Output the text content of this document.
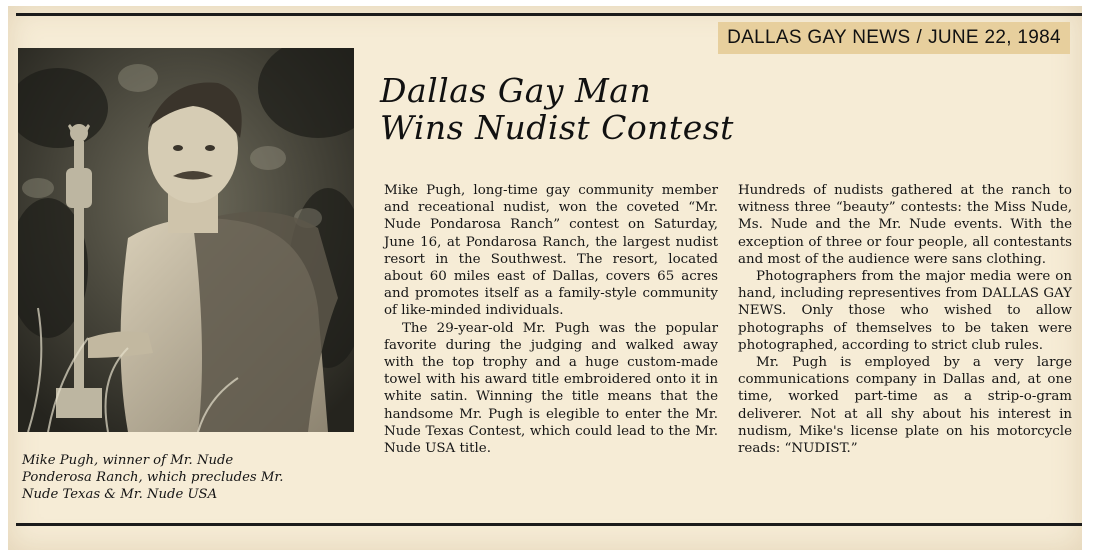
DALLAS GAY NEWS / JUNE 22, 1984
Mike Pugh, winner of Mr. Nude
Ponderosa Ranch, which precludes Mr.
Nude Texas & Mr. Nude USA
Dallas Gay Man
Wins Nudist Contest

Mike Pugh, long-time gay community member and receational nudist, won the coveted “Mr. Nude Pondarosa Ranch” contest on Saturday, June 16, at Pondarosa Ranch, the largest nudist resort in the Southwest. The resort, located about 60 miles east of Dallas, covers 65 acres and promotes itself as a family-style community of like-minded individuals.

The 29-year-old Mr. Pugh was the popular favorite during the judging and walked away with the top trophy and a huge custom-made towel with his award title embroidered onto it in white satin. Winning the title means that the handsome Mr. Pugh is elegible to enter the Mr. Nude Texas Contest, which could lead to the Mr. Nude USA title.

Hundreds of nudists gathered at the ranch to witness three “beauty” contests: the Miss Nude, Ms. Nude and the Mr. Nude events. With the exception of three or four people, all contestants and most of the audience were sans clothing.

Photographers from the major media were on hand, including representives from DALLAS GAY NEWS. Only those who wished to allow photographs of themselves to be taken were photographed, according to strict club rules.

Mr. Pugh is employed by a very large communications company in Dallas and, at one time, worked part-time as a strip-o-gram deliverer. Not at all shy about his interest in nudism, Mike's license plate on his motorcycle reads: “NUDIST.”
